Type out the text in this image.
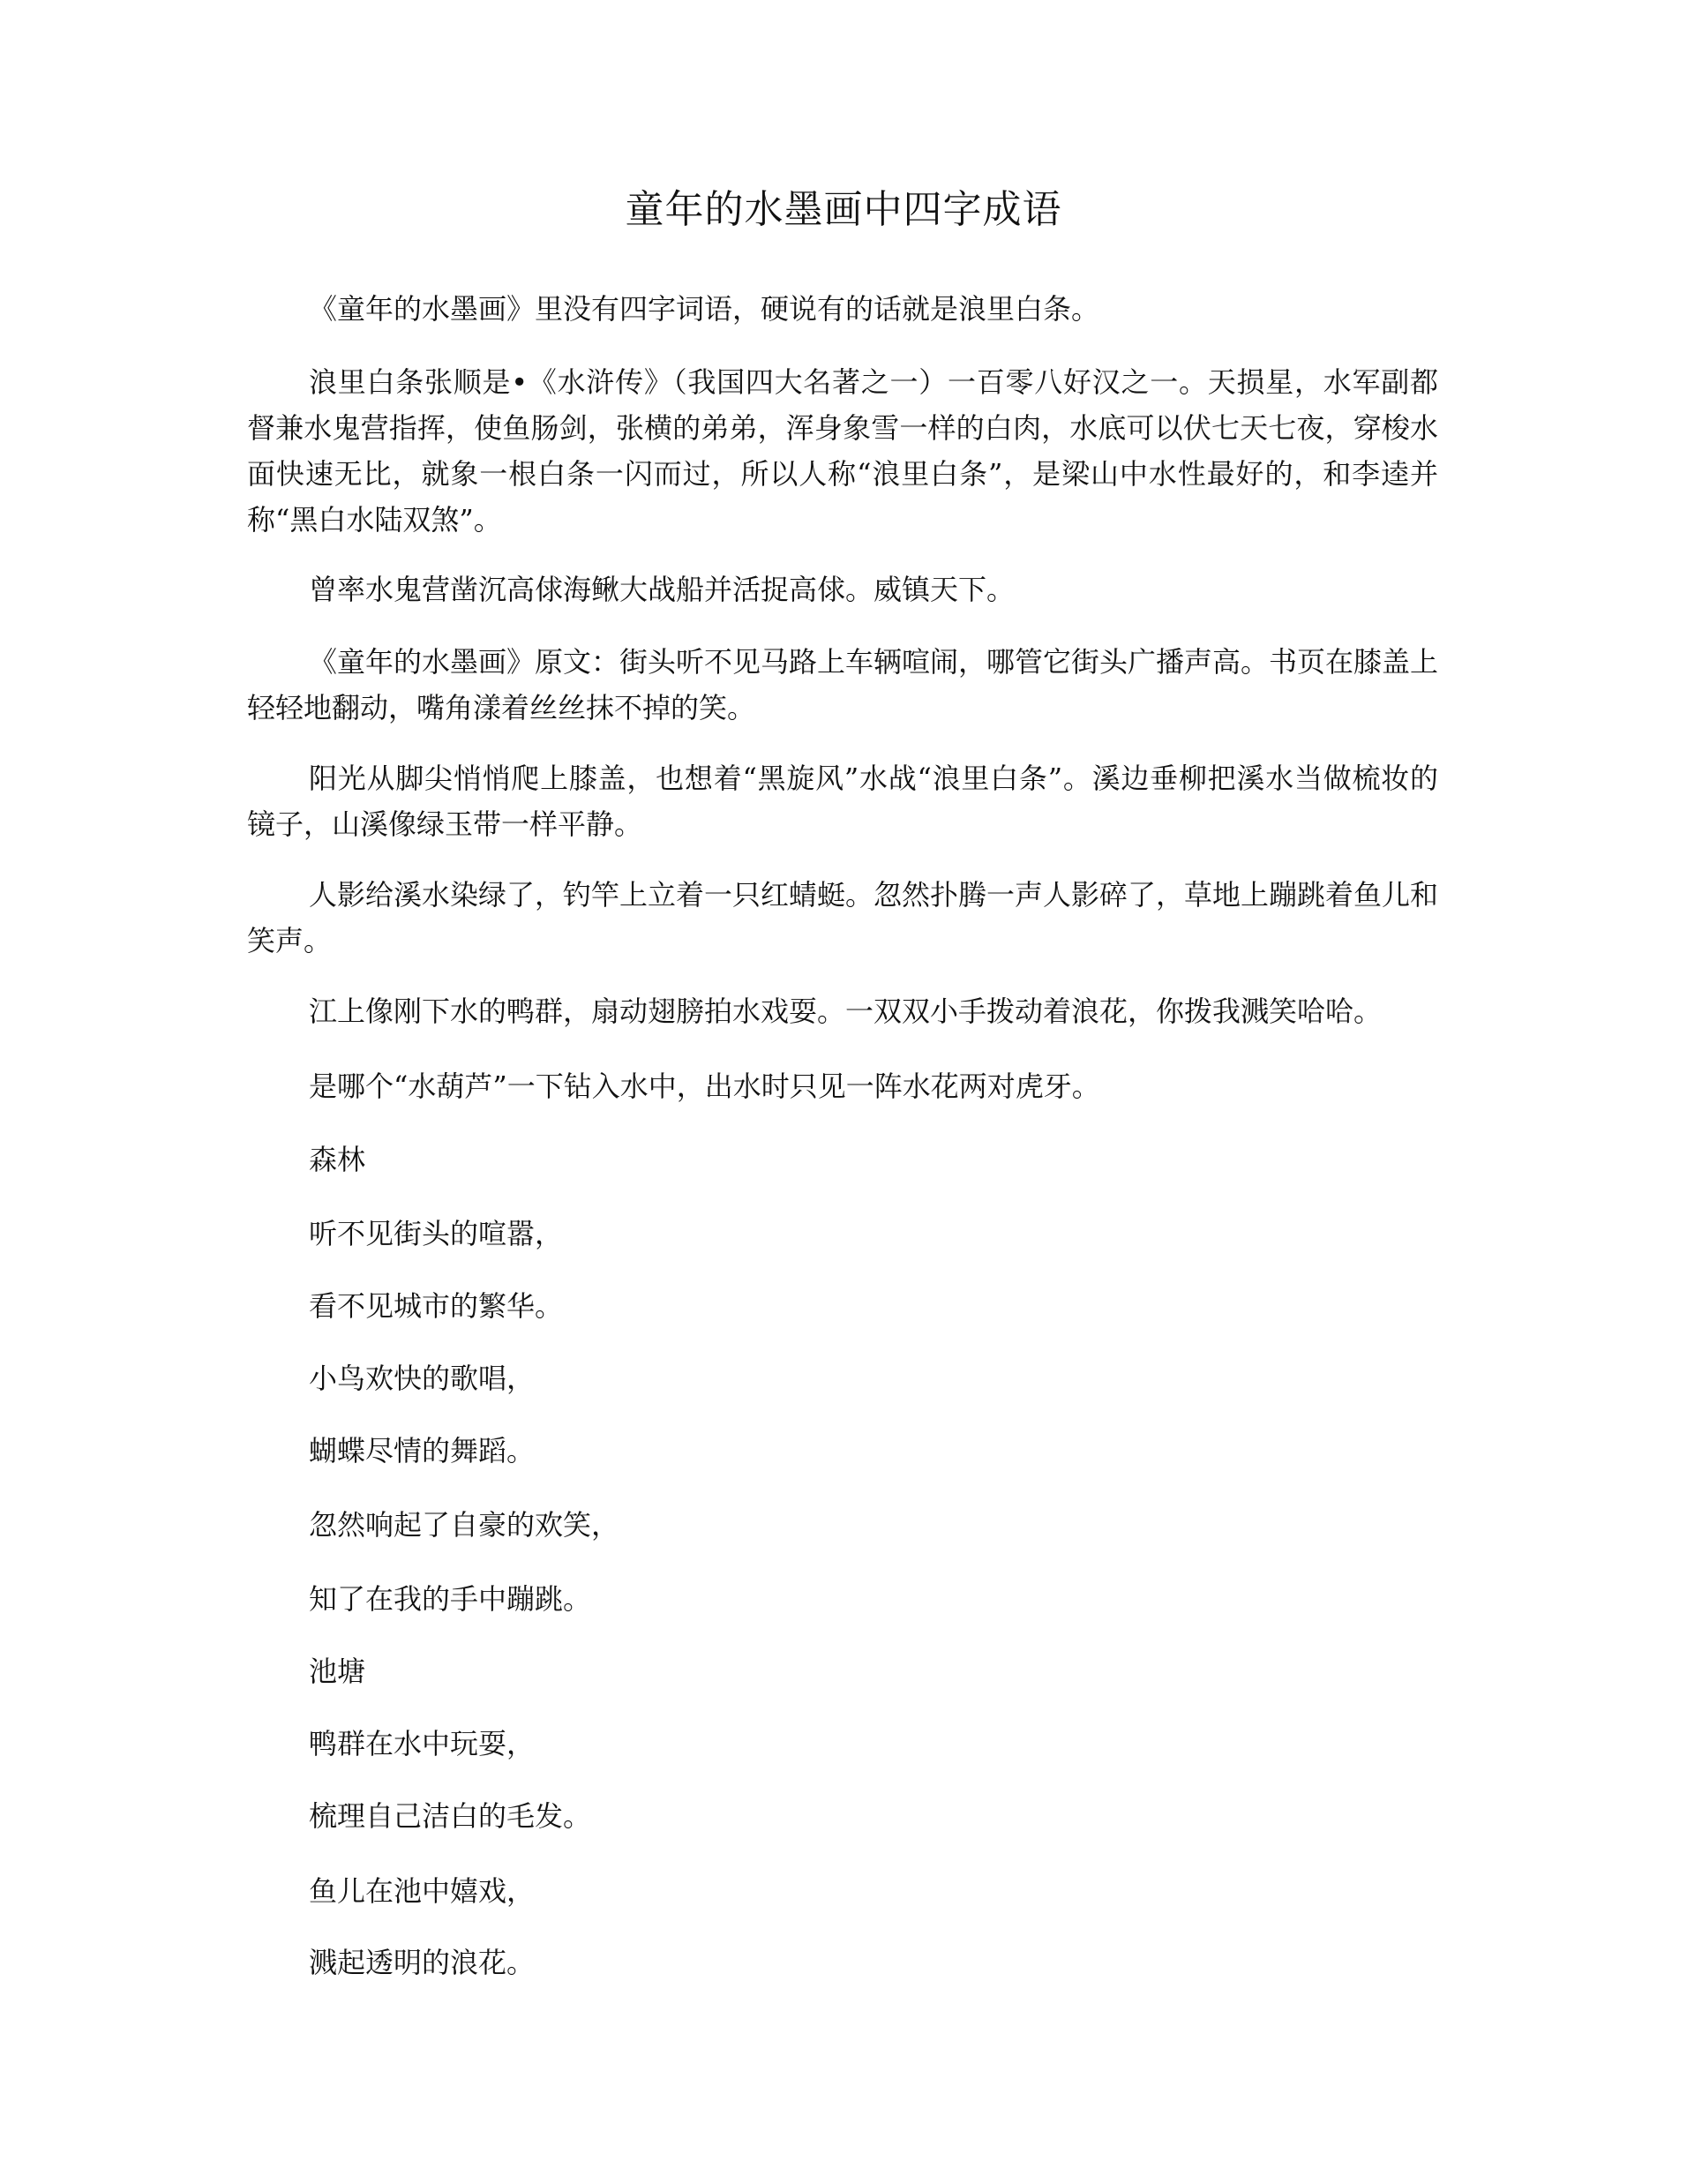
童年的水墨画中四字成语

《童年的水墨画》里没有四字词语，硬说有的话就是浪里白条。

浪里白条张顺是•《水浒传》（我国四大名著之一）一百零八好汉之一。天损星，水军副都督兼水鬼营指挥，使鱼肠剑，张横的弟弟，浑身象雪一样的白肉，水底可以伏七天七夜，穿梭水面快速无比，就象一根白条一闪而过，所以人称“浪里白条”，是梁山中水性最好的，和李逵并称“黑白水陆双煞”。

曾率水鬼营凿沉高俅海鳅大战船并活捉高俅。威镇天下。

《童年的水墨画》原文：街头听不见马路上车辆喧闹，哪管它街头广播声高。书页在膝盖上轻轻地翻动，嘴角漾着丝丝抹不掉的笑。

阳光从脚尖悄悄爬上膝盖，也想着“黑旋风”水战“浪里白条”。溪边垂柳把溪水当做梳妆的镜子，山溪像绿玉带一样平静。

人影给溪水染绿了，钓竿上立着一只红蜻蜓。忽然扑腾一声人影碎了，草地上蹦跳着鱼儿和笑声。

江上像刚下水的鸭群，扇动翅膀拍水戏耍。一双双小手拨动着浪花，你拨我溅笑哈哈。

是哪个“水葫芦”一下钻入水中，出水时只见一阵水花两对虎牙。

森林

听不见街头的喧嚣，

看不见城市的繁华。

小鸟欢快的歌唱，

蝴蝶尽情的舞蹈。

忽然响起了自豪的欢笑，

知了在我的手中蹦跳。

池塘

鸭群在水中玩耍，

梳理自己洁白的毛发。

鱼儿在池中嬉戏，

溅起透明的浪花。
